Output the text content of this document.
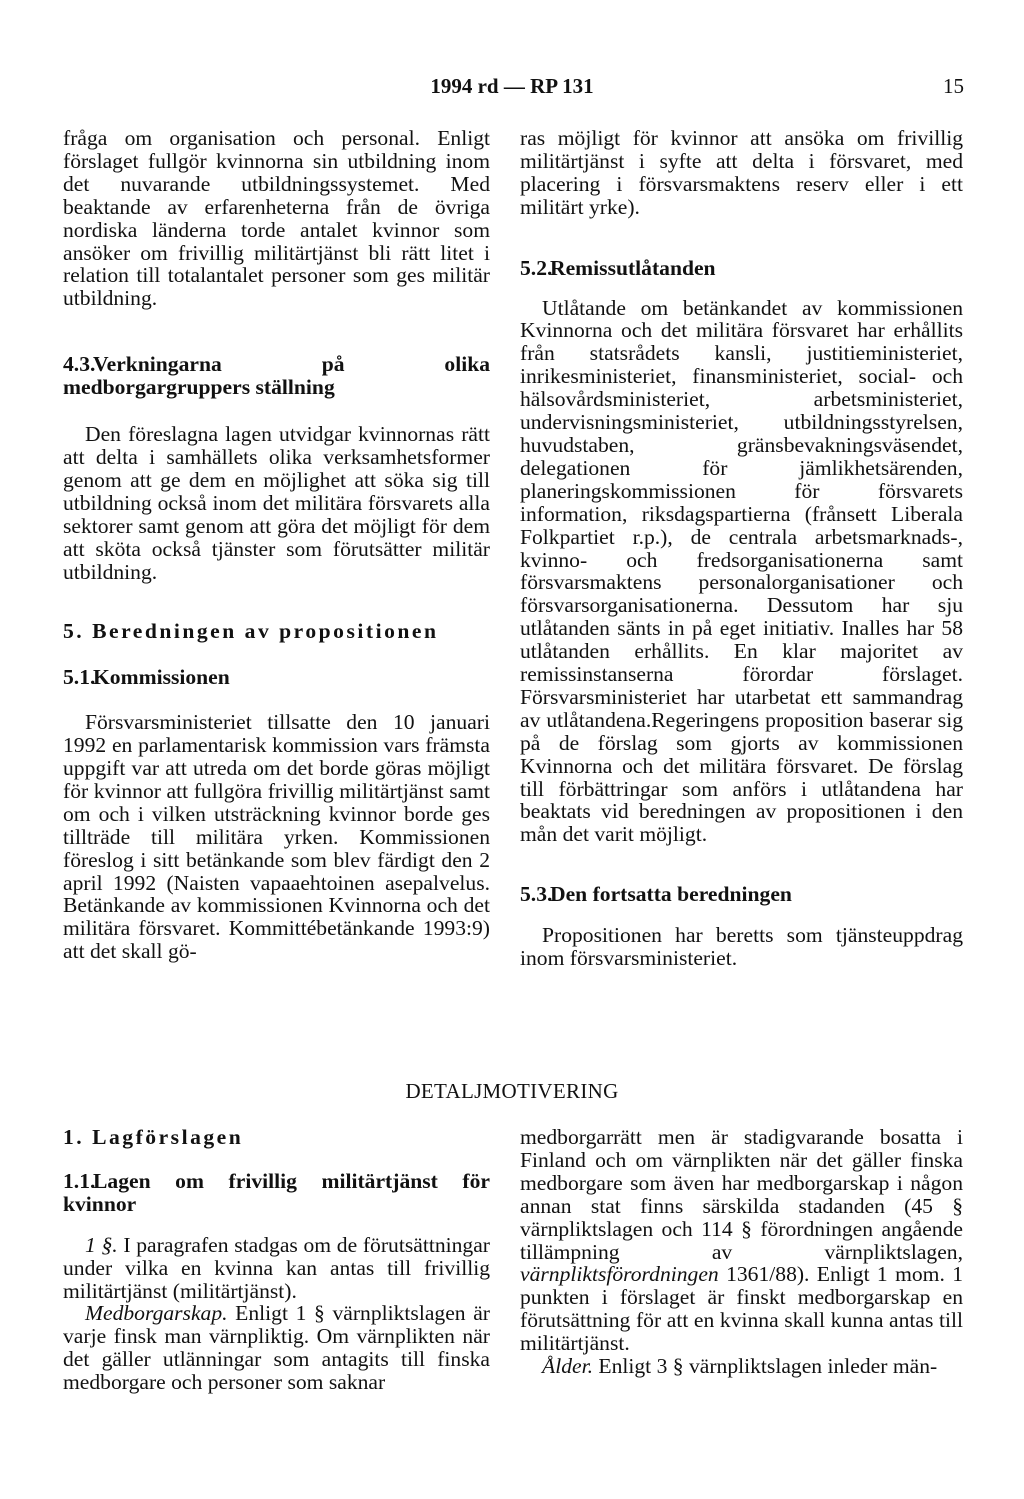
1994 rd — RP 131	15

fråga om organisation och personal. Enligt förslaget fullgör kvinnorna sin utbildning inom det nuvarande utbildningssystemet. Med beaktande av erfarenheterna från de övriga nordiska länderna torde antalet kvinnor som ansöker om frivillig militärtjänst bli rätt litet i relation till totalantalet personer som ges militär utbildning.

4.3.Verkningarna på olika medborgargruppers ställning

Den föreslagna lagen utvidgar kvinnornas rätt att delta i samhällets olika verksamhetsformer genom att ge dem en möjlighet att söka sig till utbildning också inom det militära försvarets alla sektorer samt genom att göra det möjligt för dem att sköta också tjänster som förutsätter militär utbildning.

5. Beredningen av propositionen

5.1.Kommissionen

Försvarsministeriet tillsatte den 10 januari 1992 en parlamentarisk kommission vars främsta uppgift var att utreda om det borde göras möjligt för kvinnor att fullgöra frivillig militärtjänst samt om och i vilken utsträckning kvinnor borde ges tillträde till militära yrken. Kommissionen föreslog i sitt betänkande som blev färdigt den 2 april 1992 (Naisten vapaaehtoinen asepalvelus. Betänkande av kommissionen Kvinnorna och det militära försvaret. Kommittébetänkande 1993:9) att det skall gö-

ras möjligt för kvinnor att ansöka om frivillig militärtjänst i syfte att delta i försvaret, med placering i försvarsmaktens reserv eller i ett militärt yrke).

5.2.Remissutlåtanden

Utlåtande om betänkandet av kommissionen Kvinnorna och det militära försvaret har erhållits från statsrådets kansli, justitieministeriet, inrikesministeriet, finansministeriet, social- och hälsovårdsministeriet, arbetsministeriet, undervisningsministeriet, utbildningsstyrelsen, huvudstaben, gränsbevakningsväsendet, delegationen för jämlikhetsärenden, planeringskommissionen för försvarets information, riksdagspartierna (frånsett Liberala Folkpartiet r.p.), de centrala arbetsmarknads-, kvinno- och fredsorganisationerna samt försvarsmaktens personalorganisationer och försvarsorganisationerna. Dessutom har sju utlåtanden sänts in på eget initiativ. Inalles har 58 utlåtanden erhållits. En klar majoritet av remissinstanserna förordar förslaget. Försvarsministeriet har utarbetat ett sammandrag av utlåtandena.Regeringens proposition baserar sig på de förslag som gjorts av kommissionen Kvinnorna och det militära försvaret. De förslag till förbättringar som anförs i utlåtandena har beaktats vid beredningen av propositionen i den mån det varit möjligt.

5.3.Den fortsatta beredningen

Propositionen har beretts som tjänsteuppdrag inom försvarsministeriet.

DETALJMOTIVERING

1. Lagförslagen

1.1.Lagen om frivillig militärtjänst för kvinnor

1 §. I paragrafen stadgas om de förutsättningar under vilka en kvinna kan antas till frivillig militärtjänst (militärtjänst).

Medborgarskap. Enligt 1 § värnpliktslagen är varje finsk man värnpliktig. Om värnplikten när det gäller utlänningar som antagits till finska medborgare och personer som saknar

medborgarrätt men är stadigvarande bosatta i Finland och om värnplikten när det gäller finska medborgare som även har medborgarskap i någon annan stat finns särskilda stadanden (45 § värnpliktslagen och 114 § förordningen angående tillämpning av värnpliktslagen, värnpliktsförordningen 1361/88). Enligt 1 mom. 1 punkten i förslaget är finskt medborgarskap en förutsättning för att en kvinna skall kunna antas till militärtjänst.

Ålder. Enligt 3 § värnpliktslagen inleder män-
